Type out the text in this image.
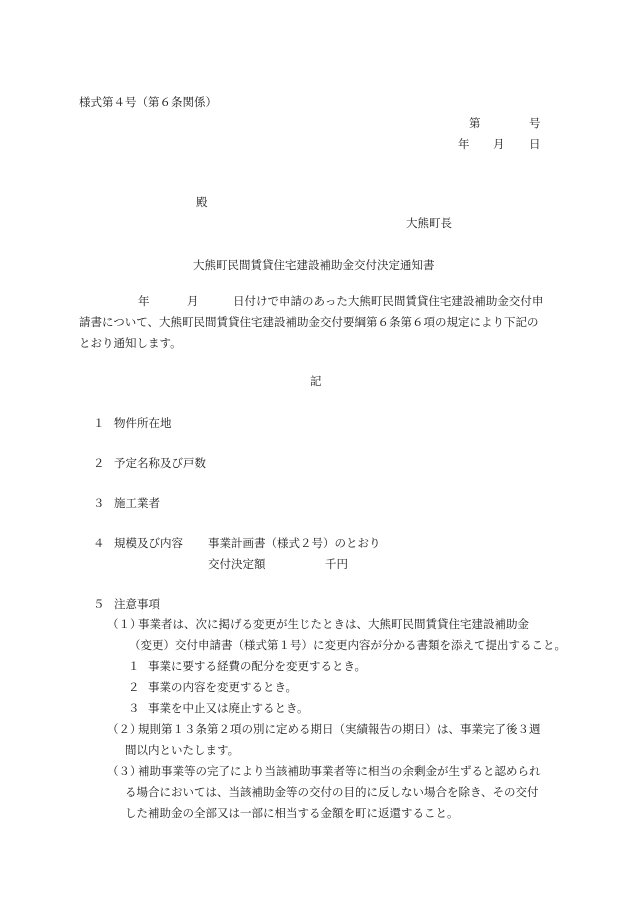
様式第４号（第６条関係）
第	号
年 月 日
殿
大熊町長
大熊町民間賃貸住宅建設補助金交付決定通知書
年	月	日付けで申請のあった大熊町民間賃貸住宅建設補助金交付申
請書について、大熊町民間賃貸住宅建設補助金交付要綱第６条第６項の規定により下記の
とおり通知します。
記
１ 物件所在地
２ 予定名称及び戸数
３ 施工業者
４ 規模及び内容 事業計画書（様式２号）のとおり
交付決定額	千円
５ 注意事項
（１）
事業者は、次に掲げる変更が生じたときは、大熊町民間賃貸住宅建設補助金
（変更）交付申請書（様式第１号）に変更内容が分かる書類を添えて提出すること。
１ 事業に要する経費の配分を変更するとき。
２ 事業の内容を変更するとき。
３ 事業を中止又は廃止するとき。
（２）
規則第１３条第２項の別に定める期日（実績報告の期日）は、事業完了後３週
間以内といたします。
（３）
補助事業等の完了により当該補助事業者等に相当の余剰金が生ずると認められ
る場合においては、当該補助金等の交付の目的に反しない場合を除き、その交付
した補助金の全部又は一部に相当する金額を町に返還すること。
